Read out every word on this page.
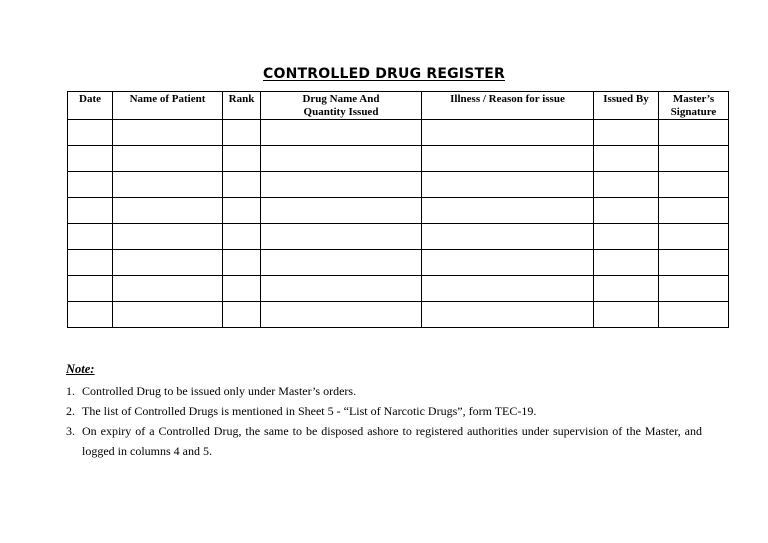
CONTROLLED DRUG REGISTER
Date	Name of Patient	Rank	Drug Name And Quantity Issued	Illness / Reason for issue	Issued By	Master’s Signature

Note:
1. Controlled Drug to be issued only under Master’s orders.
2. The list of Controlled Drugs is mentioned in Sheet 5 - “List of Narcotic Drugs”, form TEC-19.
3. On expiry of a Controlled Drug, the same to be disposed ashore to registered authorities under supervision of the Master, and logged in columns 4 and 5.
